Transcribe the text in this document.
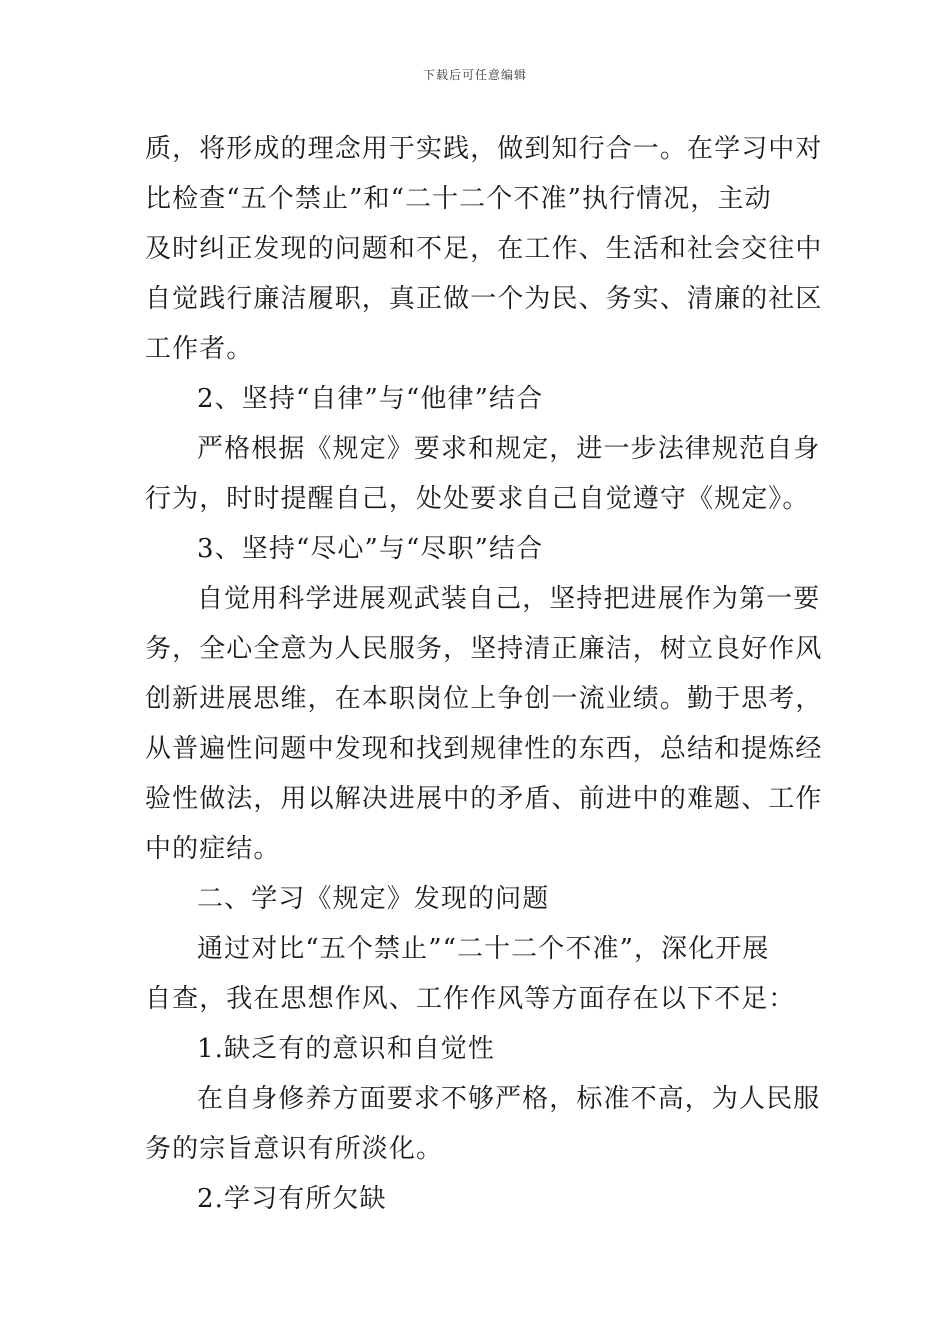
下载后可任意编辑
质，将形成的理念用于实践，做到知行合一。在学习中对
比检查“五个禁止”和“二十二个不准”执行情况，主动
及时纠正发现的问题和不足，在工作、生活和社会交往中
自觉践行廉洁履职，真正做一个为民、务实、清廉的社区
工作者。
2、坚持“自律”与“他律”结合
严格根据《规定》要求和规定，进一步法律规范自身
行为，时时提醒自己，处处要求自己自觉遵守《规定》。
3、坚持“尽心”与“尽职”结合
自觉用科学进展观武装自己，坚持把进展作为第一要
务，全心全意为人民服务，坚持清正廉洁，树立良好作风
创新进展思维，在本职岗位上争创一流业绩。勤于思考，
从普遍性问题中发现和找到规律性的东西，总结和提炼经
验性做法，用以解决进展中的矛盾、前进中的难题、工作
中的症结。
二、学习《规定》发现的问题
通过对比“五个禁止”“二十二个不准”，深化开展
自查，我在思想作风、工作作风等方面存在以下不足：
1.缺乏有的意识和自觉性
在自身修养方面要求不够严格，标准不高，为人民服
务的宗旨意识有所淡化。
2.学习有所欠缺
